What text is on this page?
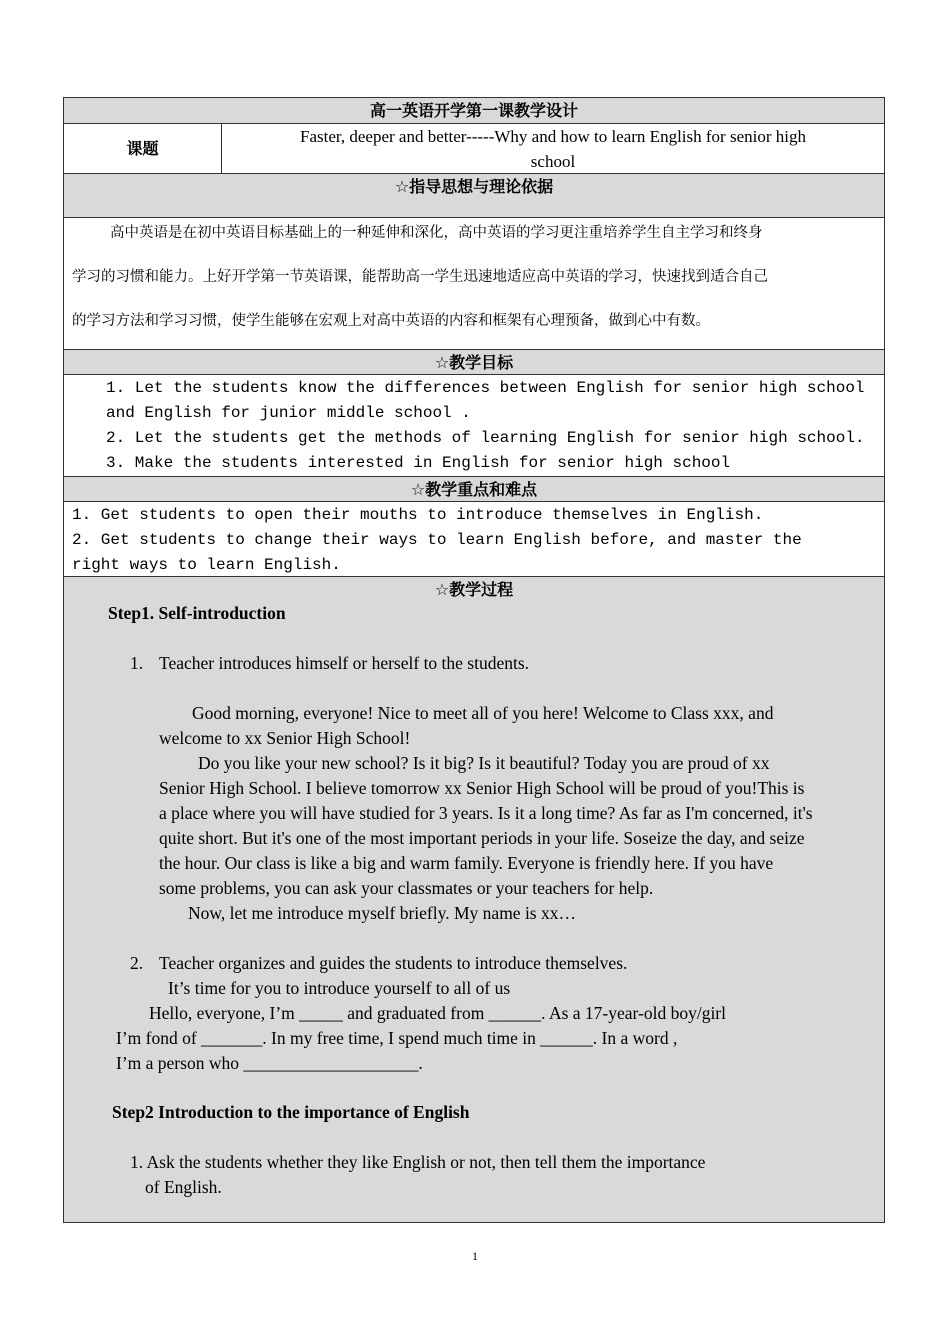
高一英语开学第一课教学设计
课题
Faster, deeper and better-----Why and how to learn English for senior high
school
☆指导思想与理论依据
高中英语是在初中英语目标基础上的一种延伸和深化，高中英语的学习更注重培养学生自主学习和终身
学习的习惯和能力。上好开学第一节英语课，能帮助高一学生迅速地适应高中英语的学习，快速找到适合自己
的学习方法和学习习惯，使学生能够在宏观上对高中英语的内容和框架有心理预备，做到心中有数。
☆教学目标
1. Let the students know the differences between English for senior high school
and English for junior middle school .
2. Let the students get the methods of learning English for senior high school.
3. Make the students interested in English for senior high school
☆教学重点和难点
1. Get students to open their mouths to introduce themselves in English.
2. Get students to change their ways to learn English before, and master the
right ways to learn English.
☆教学过程
Step1. Self-introduction
1. Teacher introduces himself or herself to the students.
Good morning, everyone! Nice to meet all of you here! Welcome to Class xxx, and
welcome to xx Senior High School!
Do you like your new school? Is it big? Is it beautiful? Today you are proud of xx
Senior High School. I believe tomorrow xx Senior High School will be proud of you!This is
a place where you will have studied for 3 years. Is it a long time? As far as I'm concerned, it's
quite short. But it's one of the most important periods in your life. Soseize the day, and seize
the hour. Our class is like a big and warm family. Everyone is friendly here. If you have
some problems, you can ask your classmates or your teachers for help.
Now, let me introduce myself briefly. My name is xx…
2. Teacher organizes and guides the students to introduce themselves.
It’s time for you to introduce yourself to all of us
Hello, everyone, I’m _____ and graduated from ______. As a 17-year-old boy/girl
I’m fond of _______. In my free time, I spend much time in ______. In a word ,
I’m a person who ____________________.
Step2 Introduction to the importance of English
1. Ask the students whether they like English or not, then tell them the importance
of English.
1
